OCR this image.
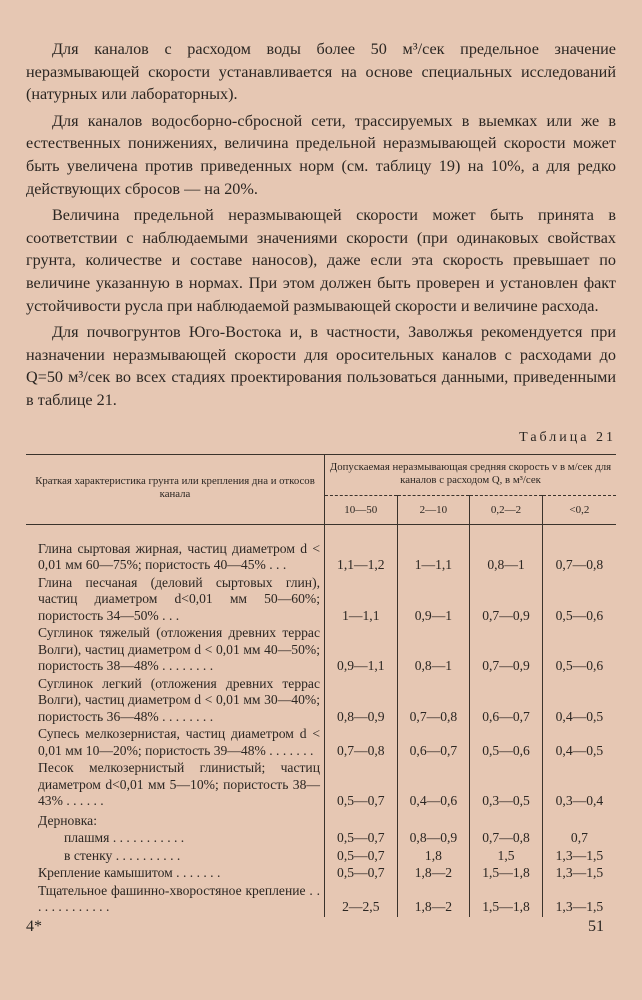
Для каналов с расходом воды более 50 м³/сек предельное значение неразмывающей скорости устанавливается на основе специальных исследований (натурных или лабораторных).

Для каналов водосборно-сбросной сети, трассируемых в выемках или же в естественных понижениях, величина предельной неразмывающей скорости может быть увеличена против приведенных норм (см. таблицу 19) на 10%, а для редко действующих сбросов — на 20%.

Величина предельной неразмывающей скорости может быть принята в соответствии с наблюдаемыми значениями скорости (при одинаковых свойствах грунта, количестве и составе наносов), даже если эта скорость превышает по величине указанную в нормах. При этом должен быть проверен и установлен факт устойчивости русла при наблюдаемой размывающей скорости и величине расхода.

Для почвогрунтов Юго-Востока и, в частности, Заволжья рекомендуется при назначении неразмывающей скорости для оросительных каналов с расходами до Q=50 м³/сек во всех стадиях проектирования пользоваться данными, приведенными в таблице 21.

Таблица 21
Краткая характеристика грунта или крепления дна и откосов канала	Допускаемая неразмывающая средняя скорость v в м/сек для каналов с расходом Q, в м³/сек			
	10—50	2—10	0,2—2	<0,2
Глина сыртовая жирная, частиц диаметром d < 0,01 мм 60—75%; пористость 40—45% . . .	1,1—1,2	1—1,1	0,8—1	0,7—0,8
Глина песчаная (деловий сыртовых глин), частиц диаметром d<0,01 мм 50—60%; пористость 34—50% . . .	1—1,1	0,9—1	0,7—0,9	0,5—0,6
Суглинок тяжелый (отложения древних террас Волги), частиц диаметром d < 0,01 мм 40—50%; пористость 38—48% . . . . . . . .	0,9—1,1	0,8—1	0,7—0,9	0,5—0,6
Суглинок легкий (отложения древних террас Волги), частиц диаметром d < 0,01 мм 30—40%; пористость 36—48% . . . . . . . .	0,8—0,9	0,7—0,8	0,6—0,7	0,4—0,5
Супесь мелкозернистая, частиц диаметром d < 0,01 мм 10—20%; пористость 39—48% . . . . . . .	0,7—0,8	0,6—0,7	0,5—0,6	0,4—0,5
Песок мелкозернистый глинистый; частиц диаметром d<0,01 мм 5—10%; пористость 38—43% . . . . . .	0,5—0,7	0,4—0,6	0,3—0,5	0,3—0,4
Дерновка:				
плашмя . . . . . . . . . . .	0,5—0,7	0,8—0,9	0,7—0,8	0,7
в стенку . . . . . . . . . .	0,5—0,7	1,8	1,5	1,3—1,5
Крепление камышитом . . . . . . .	0,5—0,7	1,8—2	1,5—1,8	1,3—1,5
Тщательное фашинно-хворостяное крепление . . . . . . . . . . . . .	2—2,5	1,8—2	1,5—1,8	1,3—1,5
4*	51
